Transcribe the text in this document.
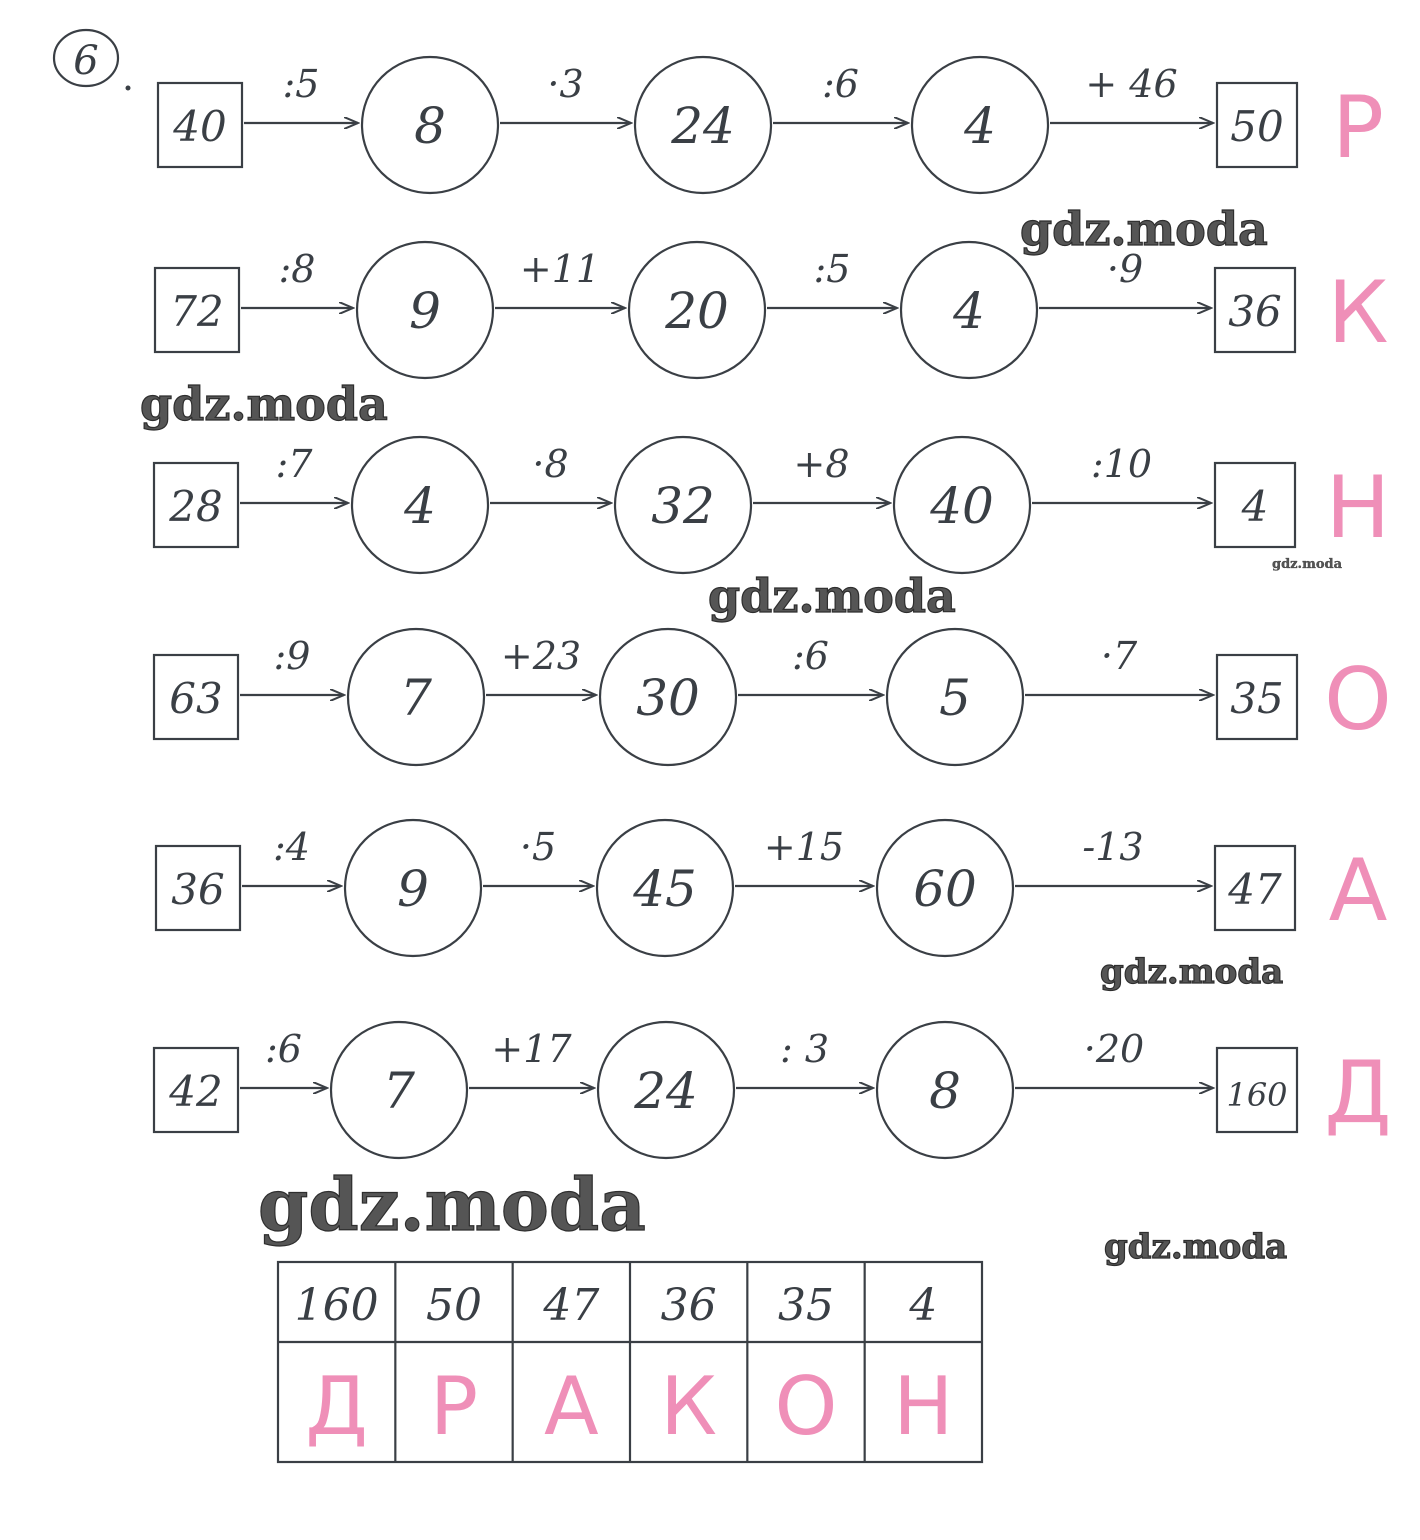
6
40	8	24	4	50
:5	·3	:6	+ 46 Р
72	9	20	4	36
:8	+11	:5	·9 К
28	4	32	40	4
:7	·8	+8	:10 Н
63	7	30	5	35
:9	+23	:6	·7 О
36	9	45	60	47
:4	·5	+15	-13 А
42	7	24	8	160
:6	+17	: 3	·20 Д
160 50 47 36 35 4
Д Р А К О Н
gdz.moda
gdz.moda
gdz.moda
gdz.moda
gdz.moda
gdz.moda	gdz.moda
